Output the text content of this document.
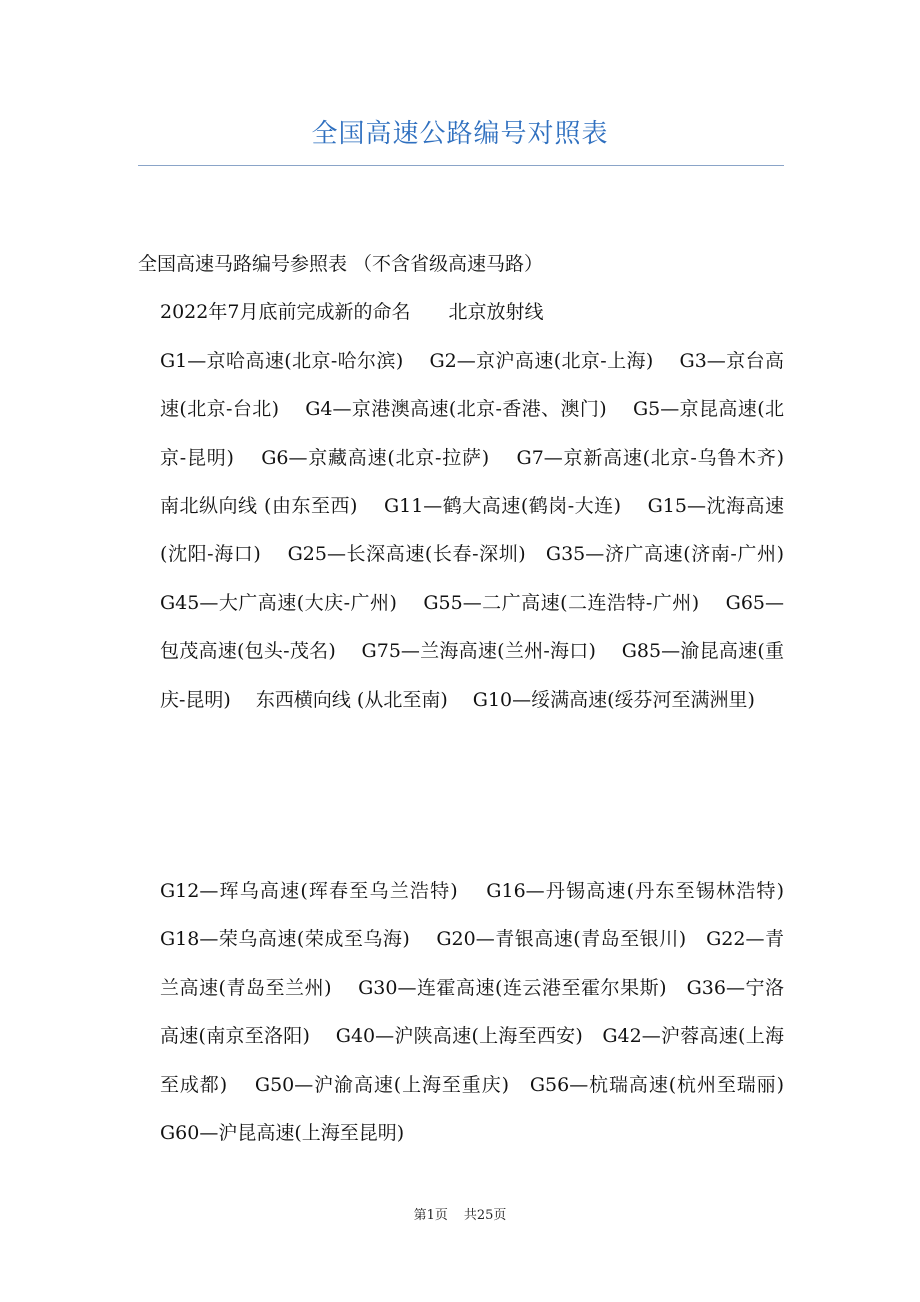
全国高速公路编号对照表
全国高速马路编号参照表 （不含省级高速马路）
2022年7月底前完成新的命名　　北京放射线
G1—京哈高速(北京-哈尔滨)　 G2—京沪高速(北京-上海)　 G3—京台高速(北京-台北)　 G4—京港澳高速(北京-香港、澳门)　 G5—京昆高速(北京-昆明)　 G6—京藏高速(北京-拉萨)　 G7—京新高速(北京-乌鲁木齐)　 南北纵向线 (由东至西)　 G11—鹤大高速(鹤岗-大连)　 G15—沈海高速(沈阳-海口)　 G25—长深高速(长春-深圳)　G35—济广高速(济南-广州)　 G45—大广高速(大庆-广州)　 G55—二广高速(二连浩特-广州)　 G65—包茂高速(包头-茂名)　 G75—兰海高速(兰州-海口)　 G85—渝昆高速(重庆-昆明)　 东西横向线 (从北至南)　 G10—绥满高速(绥芬河至满洲里)
G12—珲乌高速(珲春至乌兰浩特)　 G16—丹锡高速(丹东至锡林浩特)　 G18—荣乌高速(荣成至乌海)　 G20—青银高速(青岛至银川)　G22—青兰高速(青岛至兰州)　 G30—连霍高速(连云港至霍尔果斯)　G36—宁洛高速(南京至洛阳)　 G40—沪陕高速(上海至西安)　G42—沪蓉高速(上海至成都)　 G50—沪渝高速(上海至重庆)　G56—杭瑞高速(杭州至瑞丽)　 G60—沪昆高速(上海至昆明)
第1页 共25页
